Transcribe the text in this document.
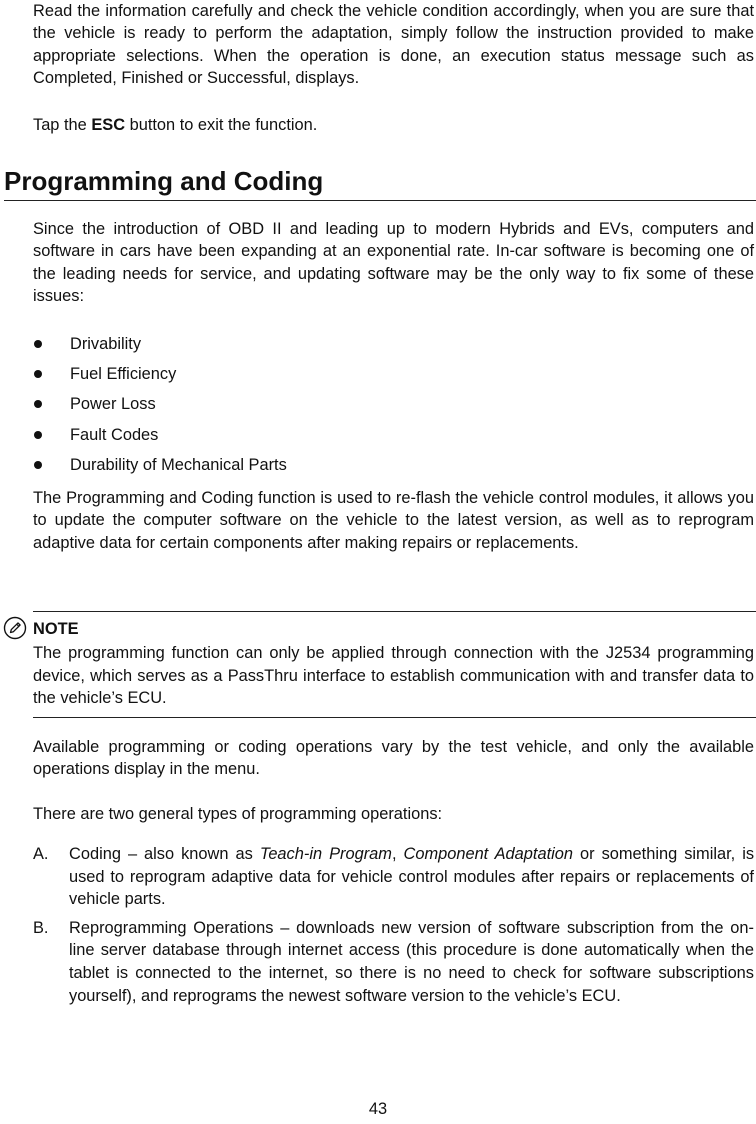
Read the information carefully and check the vehicle condition accordingly, when you are sure that the vehicle is ready to perform the adaptation, simply follow the instruction provided to make appropriate selections. When the operation is done, an execution status message such as Completed, Finished or Successful, displays.

Tap the ESC button to exit the function.

Programming and Coding

Since the introduction of OBD II and leading up to modern Hybrids and EVs, computers and software in cars have been expanding at an exponential rate. In-car software is becoming one of the leading needs for service, and updating software may be the only way to fix some of these issues:

Drivability
Fuel Efficiency
Power Loss
Fault Codes
Durability of Mechanical Parts

The Programming and Coding function is used to re-flash the vehicle control modules, it allows you to update the computer software on the vehicle to the latest version, as well as to reprogram adaptive data for certain components after making repairs or replacements.

NOTE
The programming function can only be applied through connection with the J2534 programming device, which serves as a PassThru interface to establish communication with and transfer data to the vehicle’s ECU.

Available programming or coding operations vary by the test vehicle, and only the available operations display in the menu.

There are two general types of programming operations:

A. Coding – also known as Teach-in Program, Component Adaptation or something similar, is used to reprogram adaptive data for vehicle control modules after repairs or replacements of vehicle parts.
B. Reprogramming Operations – downloads new version of software subscription from the on-line server database through internet access (this procedure is done automatically when the tablet is connected to the internet, so there is no need to check for software subscriptions yourself), and reprograms the newest software version to the vehicle’s ECU.
43
